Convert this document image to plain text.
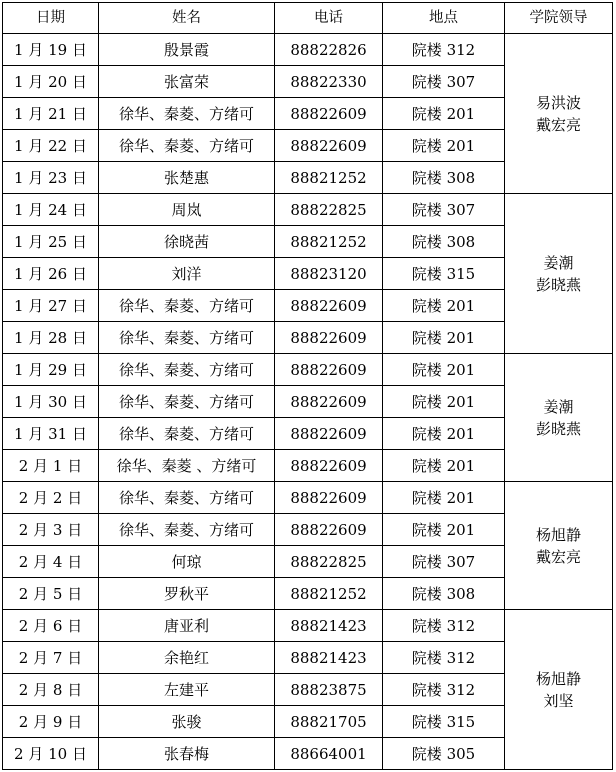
日期	姓名	电话	地点	学院领导
1 月 19 日	殷景霞	88822826	院楼 312	易洪波
戴宏亮

1 月 20 日	张富荣	88822330	院楼 307	
1 月 21 日	徐华、秦菱、方绪可	88822609	院楼 201	
1 月 22 日	徐华、秦菱、方绪可	88822609	院楼 201	
1 月 23 日	张楚惠	88821252	院楼 308	
1 月 24 日	周岚	88822825	院楼 307	姜潮
彭晓燕

1 月 25 日	徐晓茜	88821252	院楼 308	
1 月 26 日	刘洋	88823120	院楼 315	
1 月 27 日	徐华、秦菱、方绪可	88822609	院楼 201	
1 月 28 日	徐华、秦菱、方绪可	88822609	院楼 201	
1 月 29 日	徐华、秦菱、方绪可	88822609	院楼 201	姜潮
彭晓燕

1 月 30 日	徐华、秦菱、方绪可	88822609	院楼 201	
1 月 31 日	徐华、秦菱、方绪可	88822609	院楼 201	
2 月 1 日	徐华、秦菱 、方绪可	88822609	院楼 201	
2 月 2 日	徐华、秦菱、方绪可	88822609	院楼 201	杨旭静
戴宏亮

2 月 3 日	徐华、秦菱、方绪可	88822609	院楼 201	
2 月 4 日	何琼	88822825	院楼 307	
2 月 5 日	罗秋平	88821252	院楼 308	
2 月 6 日	唐亚利	88821423	院楼 312	杨旭静
刘坚

2 月 7 日	余艳红	88821423	院楼 312	
2 月 8 日	左建平	88823875	院楼 312	
2 月 9 日	张骏	88821705	院楼 315	
2 月 10 日	张春梅	88664001	院楼 305	
